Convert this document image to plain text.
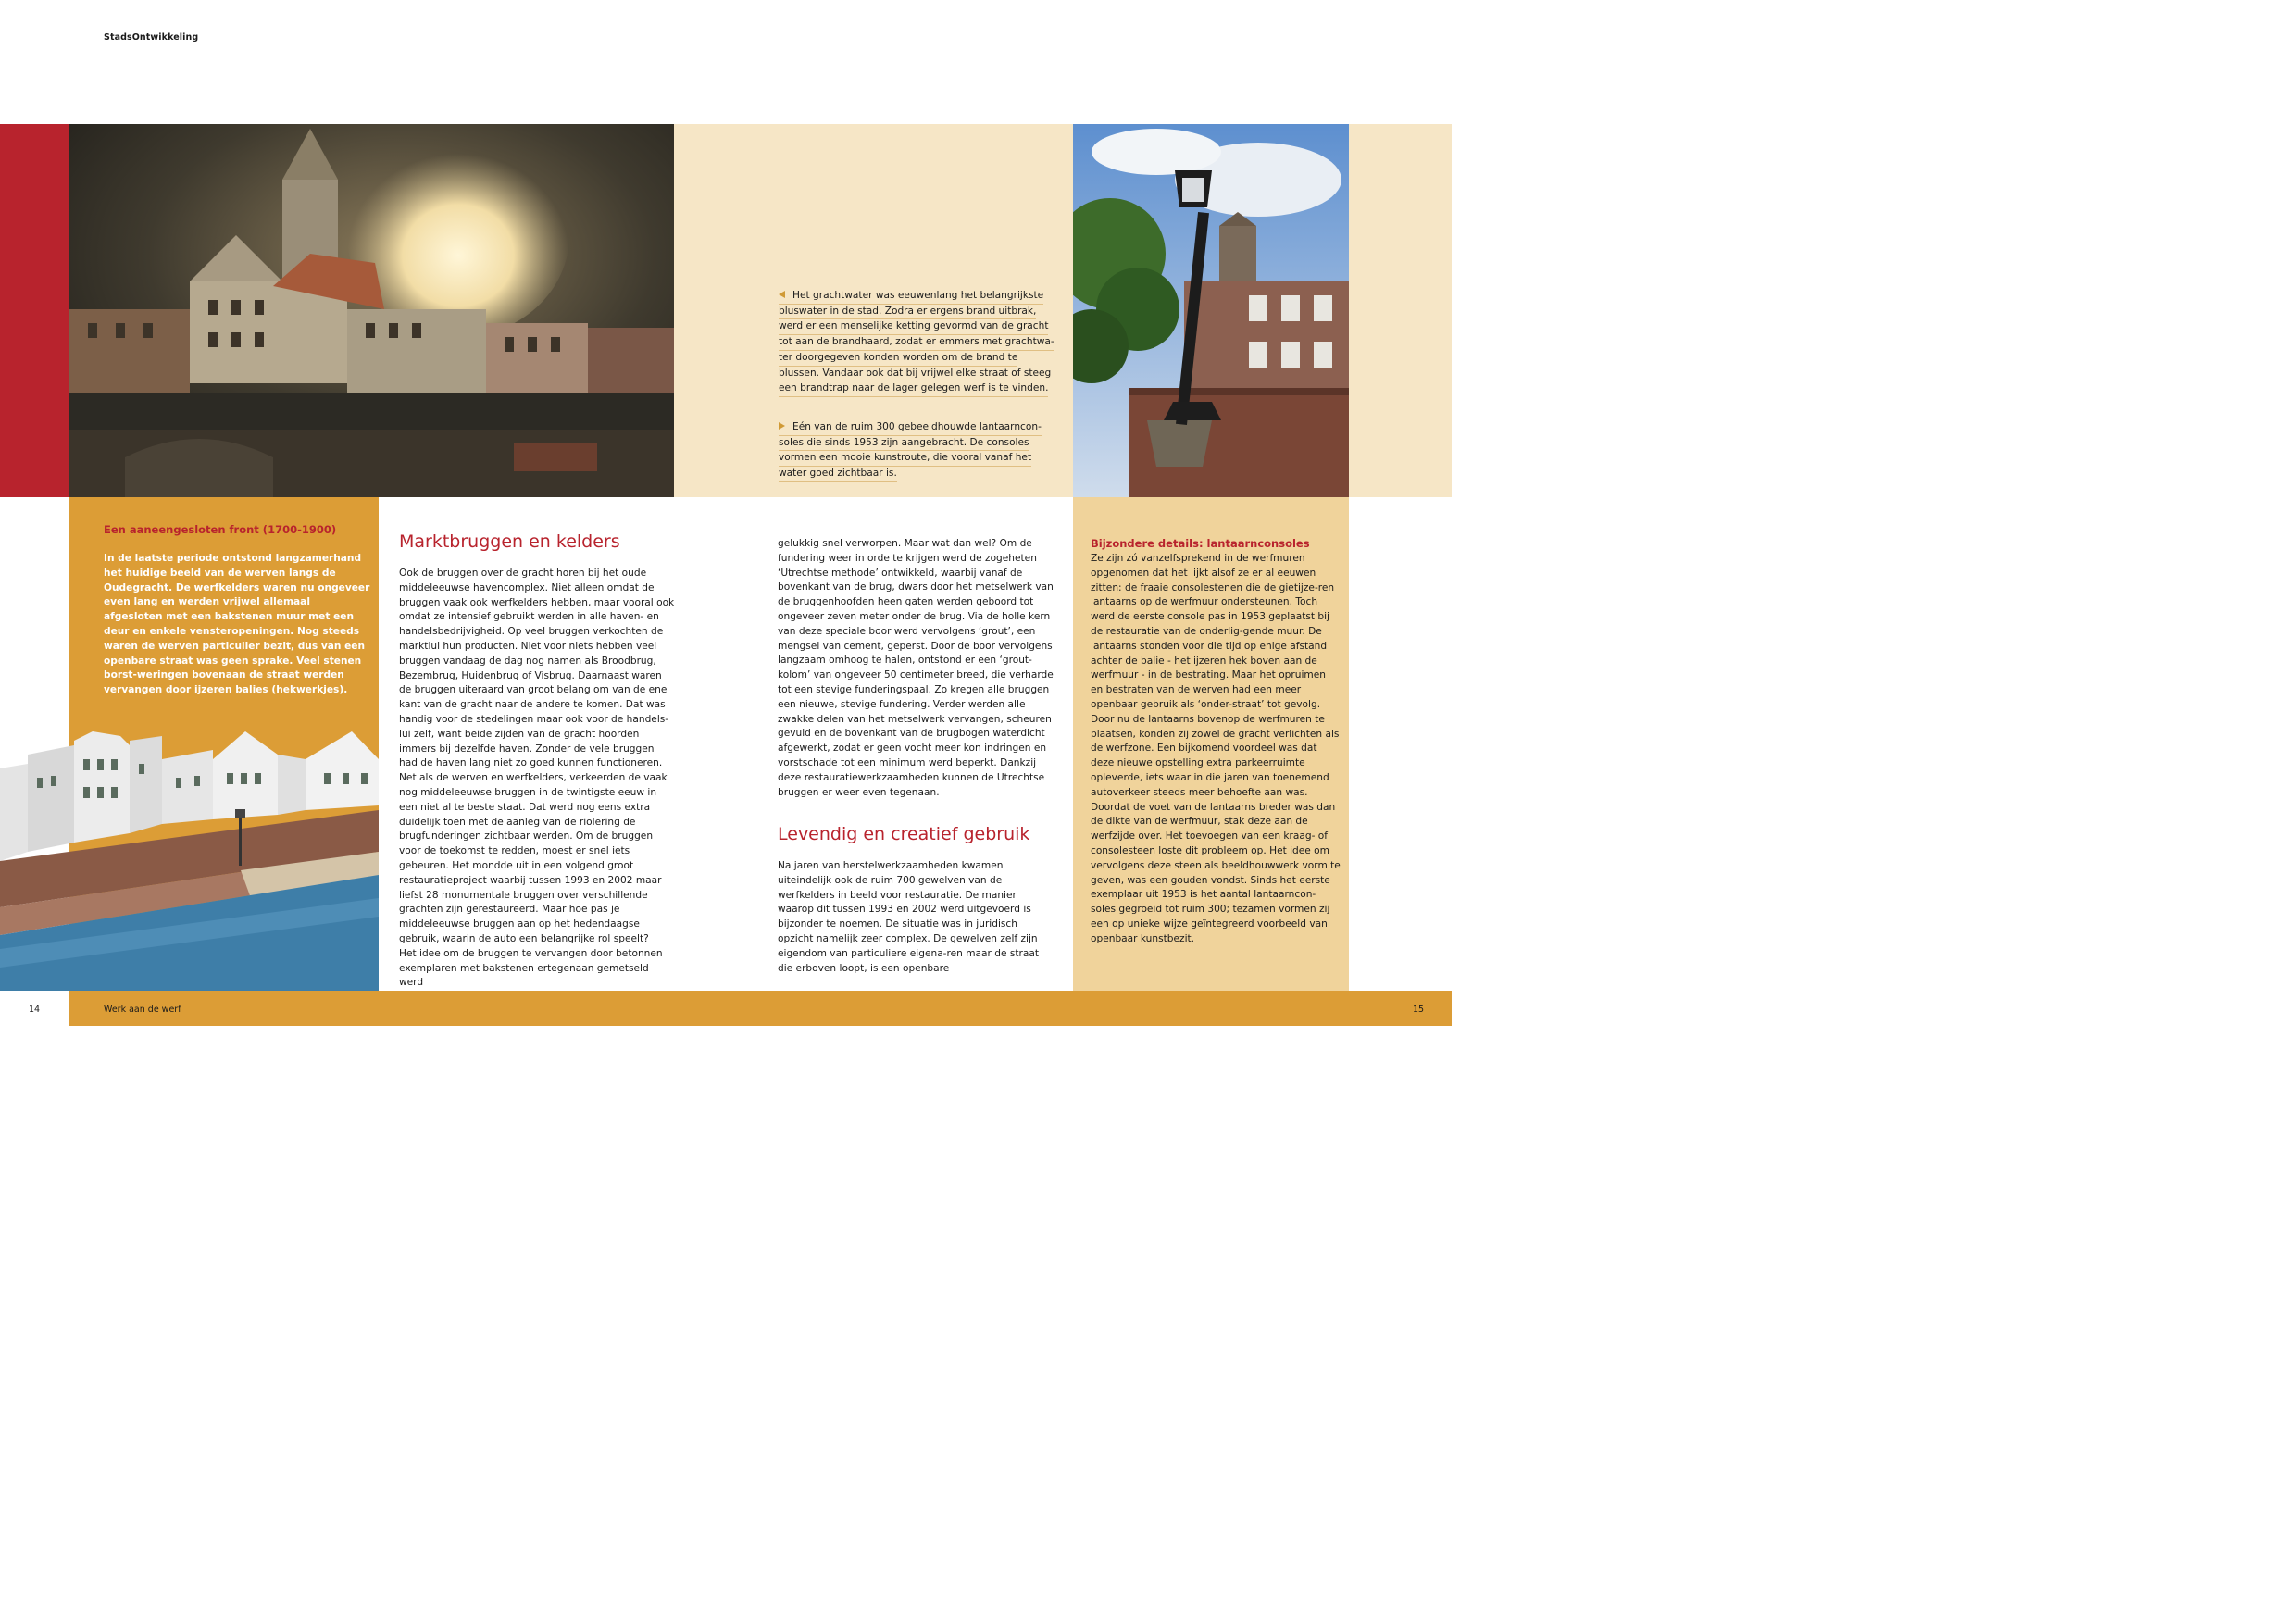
StadsOntwikkeling
Het grachtwater was eeuwenlang het belangrijkste
bluswater in de stad. Zodra er ergens brand uitbrak,
werd er een menselijke ketting gevormd van de gracht
tot aan de brandhaard, zodat er emmers met grachtwa-
ter doorgegeven konden worden om de brand te
blussen. Vandaar ook dat bij vrijwel elke straat of steeg
een brandtrap naar de lager gelegen werf is te vinden.
Eén van de ruim 300 gebeeldhouwde lantaarncon-
soles die sinds 1953 zijn aangebracht. De consoles
vormen een mooie kunstroute, die vooral vanaf het
water goed zichtbaar is.
Een aaneengesloten front (1700-1900)
In de laatste periode ontstond langzamerhand het huidige beeld van de werven langs de Oudegracht. De werfkelders waren nu ongeveer even lang en werden vrijwel allemaal afgesloten met een bakstenen muur met een deur en enkele vensteropeningen. Nog steeds waren de werven particulier bezit, dus van een openbare straat was geen sprake. Veel stenen borst-weringen bovenaan de straat werden vervangen door ijzeren balies (hekwerkjes).
Marktbruggen en kelders
Ook de bruggen over de gracht horen bij het oude middeleeuwse havencomplex. Niet alleen omdat de bruggen vaak ook werfkelders hebben, maar vooral ook omdat ze intensief gebruikt werden in alle haven- en handelsbedrijvigheid. Op veel bruggen verkochten de marktlui hun producten. Niet voor niets hebben veel bruggen vandaag de dag nog namen als Broodbrug, Bezembrug, Huidenbrug of Visbrug. Daarnaast waren de bruggen uiteraard van groot belang om van de ene kant van de gracht naar de andere te komen. Dat was handig voor de stedelingen maar ook voor de handels-lui zelf, want beide zijden van de gracht hoorden immers bij dezelfde haven. Zonder de vele bruggen had de haven lang niet zo goed kunnen functioneren.
Net als de werven en werfkelders, verkeerden de vaak nog middeleeuwse bruggen in de twintigste eeuw in een niet al te beste staat. Dat werd nog eens extra duidelijk toen met de aanleg van de riolering de brugfunderingen zichtbaar werden. Om de bruggen voor de toekomst te redden, moest er snel iets gebeuren. Het mondde uit in een volgend groot restauratieproject waarbij tussen 1993 en 2002 maar liefst 28 monumentale bruggen over verschillende grachten zijn gerestaureerd. Maar hoe pas je middeleeuwse bruggen aan op het hedendaagse gebruik, waarin de auto een belangrijke rol speelt?
Het idee om de bruggen te vervangen door betonnen exemplaren met bakstenen ertegenaan gemetseld werd
gelukkig snel verworpen. Maar wat dan wel? Om de fundering weer in orde te krijgen werd de zogeheten ‘Utrechtse methode’ ontwikkeld, waarbij vanaf de bovenkant van de brug, dwars door het metselwerk van de bruggenhoofden heen gaten werden geboord tot ongeveer zeven meter onder de brug. Via de holle kern van deze speciale boor werd vervolgens ‘grout’, een mengsel van cement, geperst. Door de boor vervolgens langzaam omhoog te halen, ontstond er een ‘grout-kolom’ van ongeveer 50 centimeter breed, die verharde tot een stevige funderingspaal. Zo kregen alle bruggen een nieuwe, stevige fundering. Verder werden alle zwakke delen van het metselwerk vervangen, scheuren gevuld en de bovenkant van de brugbogen waterdicht afgewerkt, zodat er geen vocht meer kon indringen en vorstschade tot een minimum werd beperkt. Dankzij deze restauratiewerkzaamheden kunnen de Utrechtse bruggen er weer even tegenaan.
Levendig en creatief gebruik
Na jaren van herstelwerkzaamheden kwamen uiteindelijk ook de ruim 700 gewelven van de werfkelders in beeld voor restauratie. De manier waarop dit tussen 1993 en 2002 werd uitgevoerd is bijzonder te noemen. De situatie was in juridisch opzicht namelijk zeer complex. De gewelven zelf zijn eigendom van particuliere eigena-ren maar de straat die erboven loopt, is een openbare
Bijzondere details: lantaarnconsoles
Ze zijn zó vanzelfsprekend in de werfmuren opgenomen dat het lijkt alsof ze er al eeuwen zitten: de fraaie consolestenen die de gietijze-ren lantaarns op de werfmuur ondersteunen. Toch werd de eerste console pas in 1953 geplaatst bij de restauratie van de onderlig-gende muur. De lantaarns stonden voor die tijd op enige afstand achter de balie - het ijzeren hek boven aan de werfmuur - in de bestrating. Maar het opruimen en bestraten van de werven had een meer openbaar gebruik als ‘onder-straat’ tot gevolg. Door nu de lantaarns bovenop de werfmuren te plaatsen, konden zij zowel de gracht verlichten als de werfzone. Een bijkomend voordeel was dat deze nieuwe opstelling extra parkeerruimte opleverde, iets waar in die jaren van toenemend autoverkeer steeds meer behoefte aan was. Doordat de voet van de lantaarns breder was dan de dikte van de werfmuur, stak deze aan de werfzijde over. Het toevoegen van een kraag- of consolesteen loste dit probleem op. Het idee om vervolgens deze steen als beeldhouwwerk vorm te geven, was een gouden vondst. Sinds het eerste exemplaar uit 1953 is het aantal lantaarncon-soles gegroeid tot ruim 300; tezamen vormen zij een op unieke wijze geïntegreerd voorbeeld van openbaar kunstbezit.
14	Werk aan de werf	15
